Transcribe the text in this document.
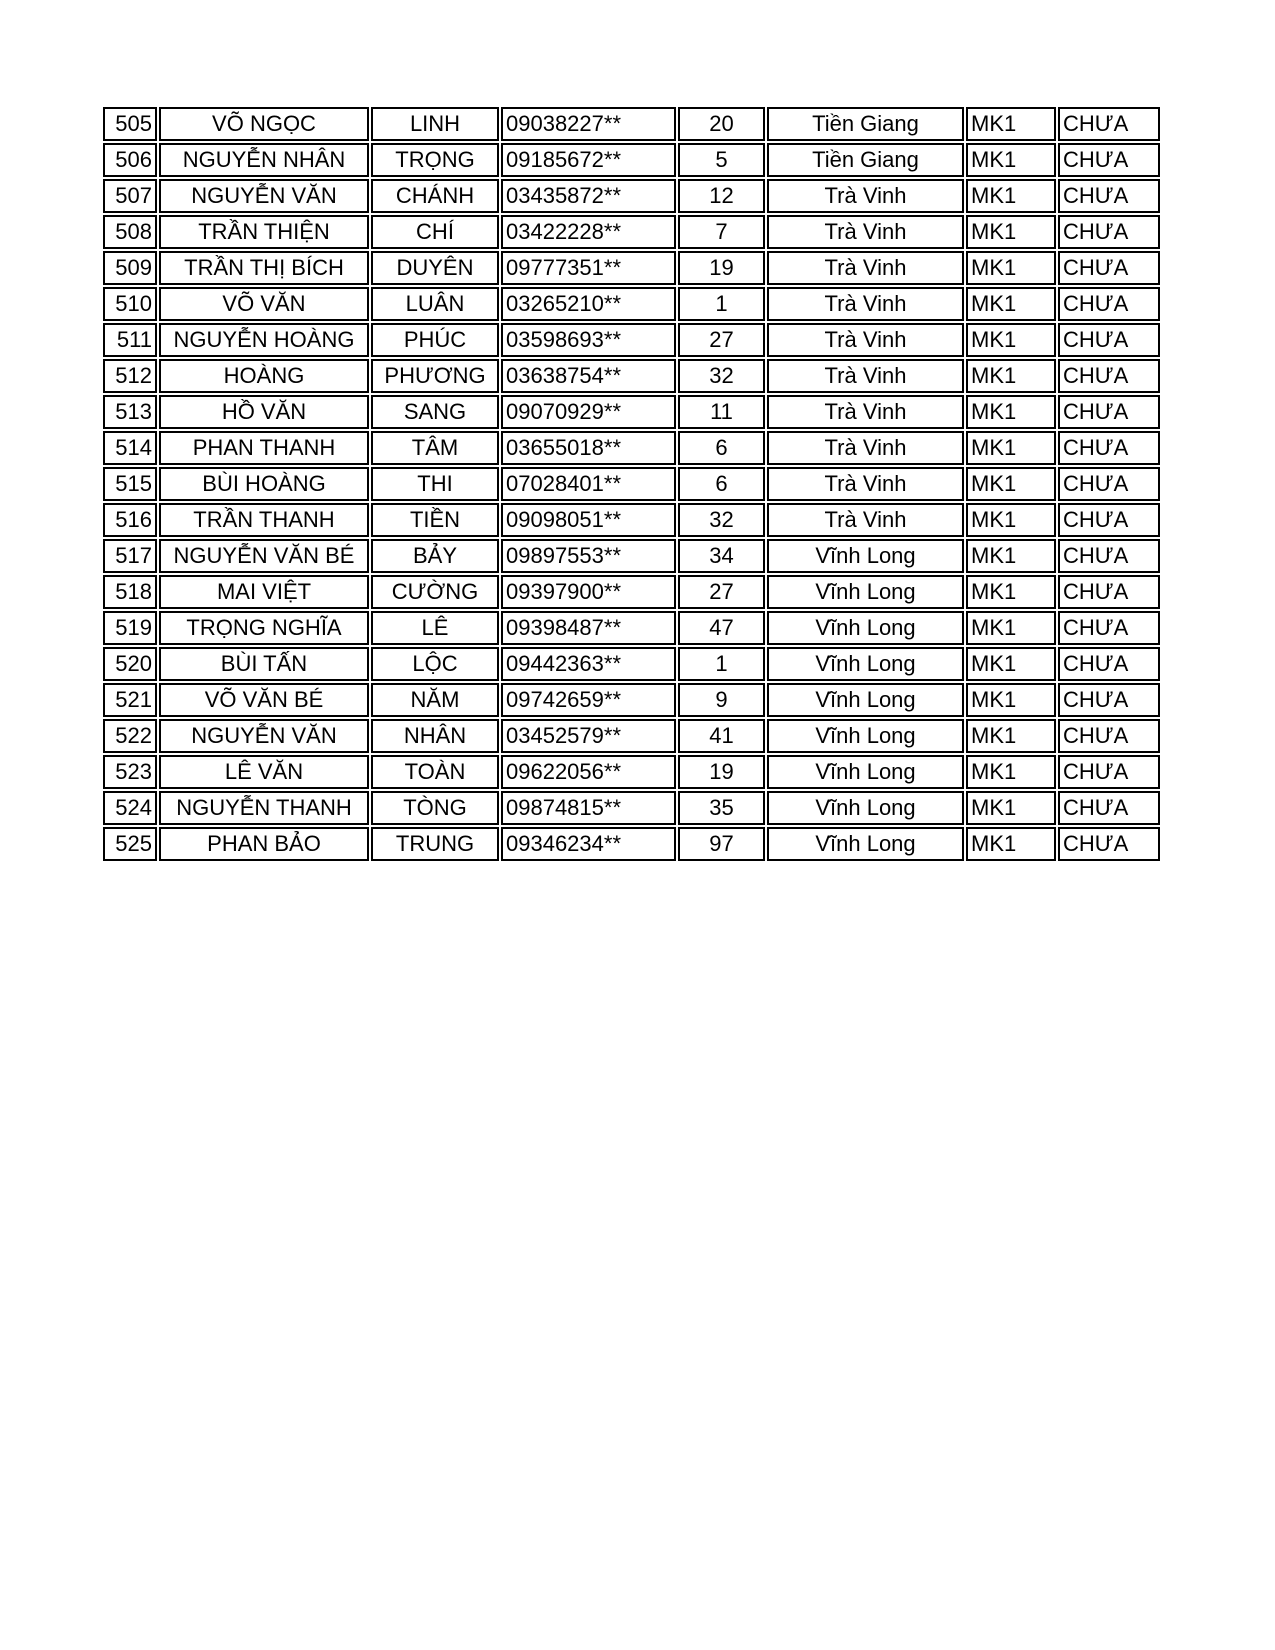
505	VÕ NGỌC	LINH	09038227**	20	Tiền Giang	MK1	CHƯA
506	NGUYỄN NHÂN	TRỌNG	09185672**	5	Tiền Giang	MK1	CHƯA
507	NGUYỄN VĂN	CHÁNH	03435872**	12	Trà Vinh	MK1	CHƯA
508	TRẦN THIỆN	CHÍ	03422228**	7	Trà Vinh	MK1	CHƯA
509	TRẦN THỊ BÍCH	DUYÊN	09777351**	19	Trà Vinh	MK1	CHƯA
510	VÕ VĂN	LUÂN	03265210**	1	Trà Vinh	MK1	CHƯA
511	NGUYỄN HOÀNG	PHÚC	03598693**	27	Trà Vinh	MK1	CHƯA
512	HOÀNG	PHƯƠNG	03638754**	32	Trà Vinh	MK1	CHƯA
513	HỒ VĂN	SANG	09070929**	11	Trà Vinh	MK1	CHƯA
514	PHAN THANH	TÂM	03655018**	6	Trà Vinh	MK1	CHƯA
515	BÙI HOÀNG	THI	07028401**	6	Trà Vinh	MK1	CHƯA
516	TRẦN THANH	TIỀN	09098051**	32	Trà Vinh	MK1	CHƯA
517	NGUYỄN VĂN BÉ	BẢY	09897553**	34	Vĩnh Long	MK1	CHƯA
518	MAI VIỆT	CƯỜNG	09397900**	27	Vĩnh Long	MK1	CHƯA
519	TRỌNG NGHĨA	LÊ	09398487**	47	Vĩnh Long	MK1	CHƯA
520	BÙI TẤN	LỘC	09442363**	1	Vĩnh Long	MK1	CHƯA
521	VÕ VĂN BÉ	NĂM	09742659**	9	Vĩnh Long	MK1	CHƯA
522	NGUYỄN VĂN	NHÂN	03452579**	41	Vĩnh Long	MK1	CHƯA
523	LÊ VĂN	TOÀN	09622056**	19	Vĩnh Long	MK1	CHƯA
524	NGUYỄN THANH	TÒNG	09874815**	35	Vĩnh Long	MK1	CHƯA
525	PHAN BẢO	TRUNG	09346234**	97	Vĩnh Long	MK1	CHƯA
